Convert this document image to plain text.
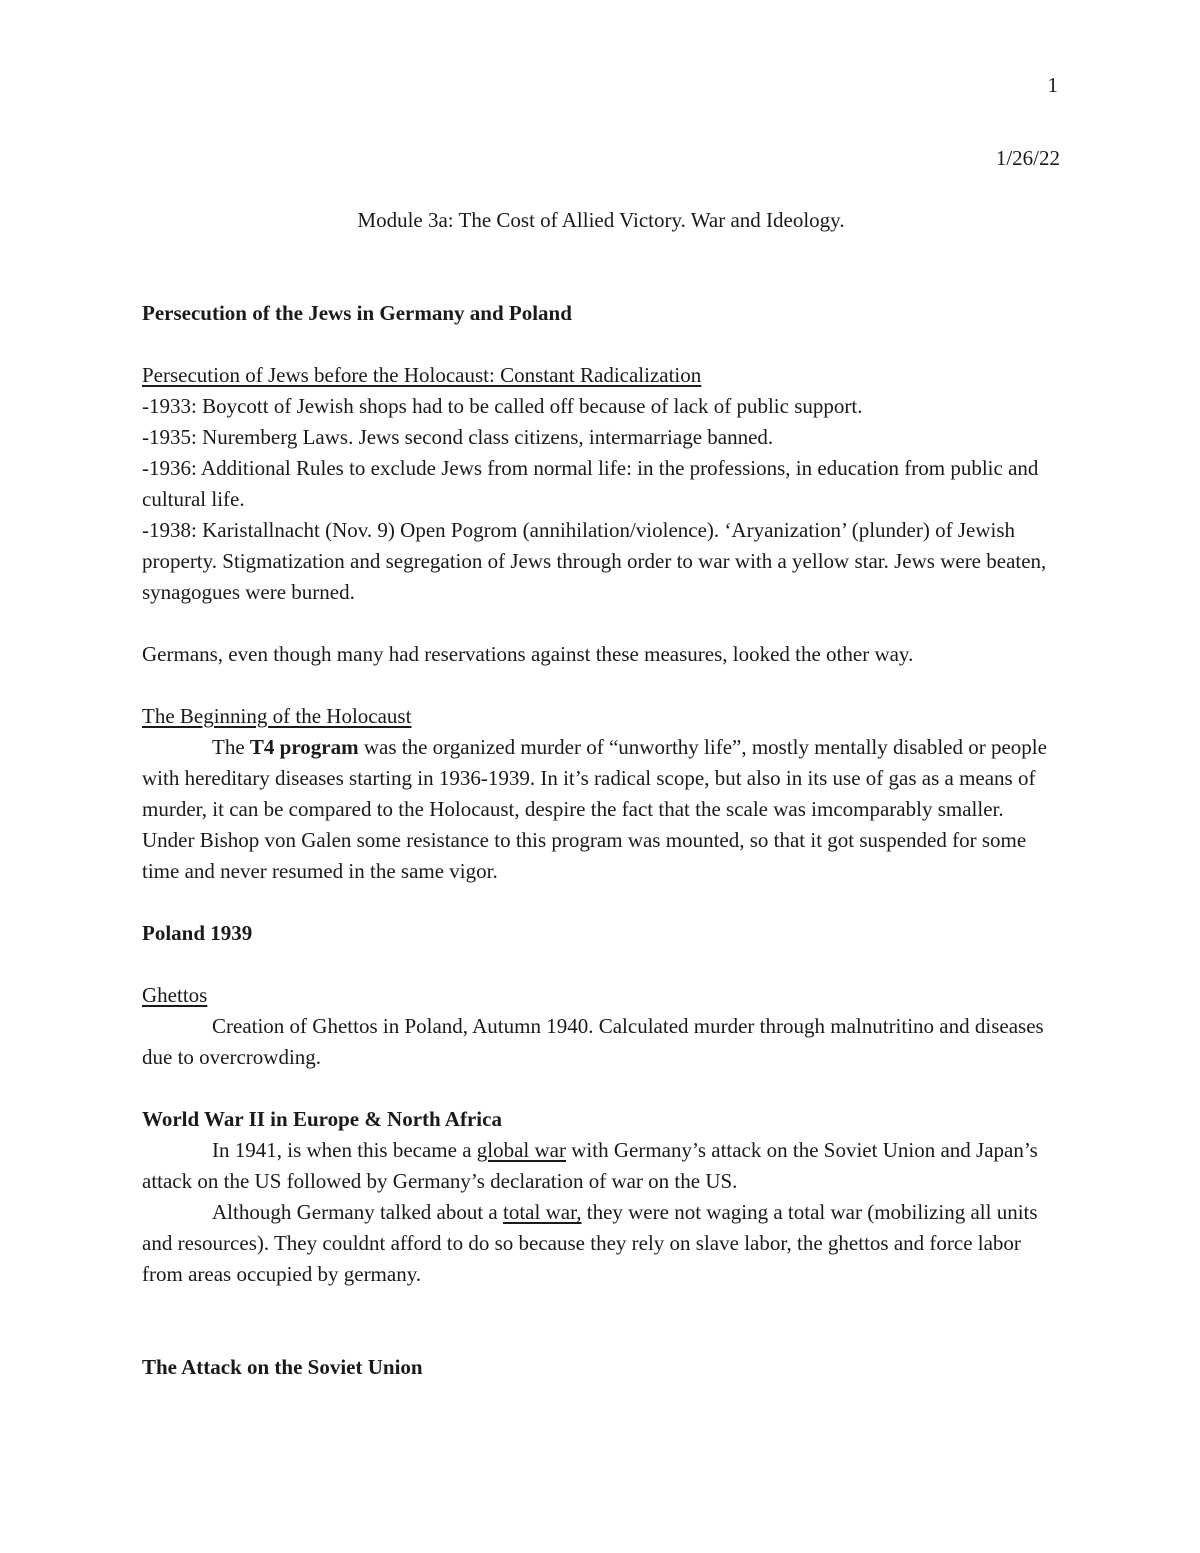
1

1/26/22

Module 3a: The Cost of Allied Victory. War and Ideology.

Persecution of the Jews in Germany and Poland

Persecution of Jews before the Holocaust: Constant Radicalization

-1933: Boycott of Jewish shops had to be called off because of lack of public support.

-1935: Nuremberg Laws. Jews second class citizens, intermarriage banned.

-1936: Additional Rules to exclude Jews from normal life: in the professions, in education from public and cultural life.

-1938: Karistallnacht (Nov. 9) Open Pogrom (annihilation/violence). ‘Aryanization’ (plunder) of Jewish property. Stigmatization and segregation of Jews through order to war with a yellow star. Jews were beaten, synagogues were burned.

Germans, even though many had reservations against these measures, looked the other way.

The Beginning of the Holocaust

The T4 program was the organized murder of “unworthy life”, mostly mentally disabled or people with hereditary diseases starting in 1936-1939. In it’s radical scope, but also in its use of gas as a means of murder, it can be compared to the Holocaust, despire the fact that the scale was imcomparably smaller. Under Bishop von Galen some resistance to this program was mounted, so that it got suspended for some time and never resumed in the same vigor.

Poland 1939

Ghettos

Creation of Ghettos in Poland, Autumn 1940. Calculated murder through malnutritino and diseases due to overcrowding.

World War II in Europe & North Africa

In 1941, is when this became a global war with Germany’s attack on the Soviet Union and Japan’s attack on the US followed by Germany’s declaration of war on the US.

Although Germany talked about a total war, they were not waging a total war (mobilizing all units and resources). They couldnt afford to do so because they rely on slave labor, the ghettos and force labor from areas occupied by germany.

The Attack on the Soviet Union
